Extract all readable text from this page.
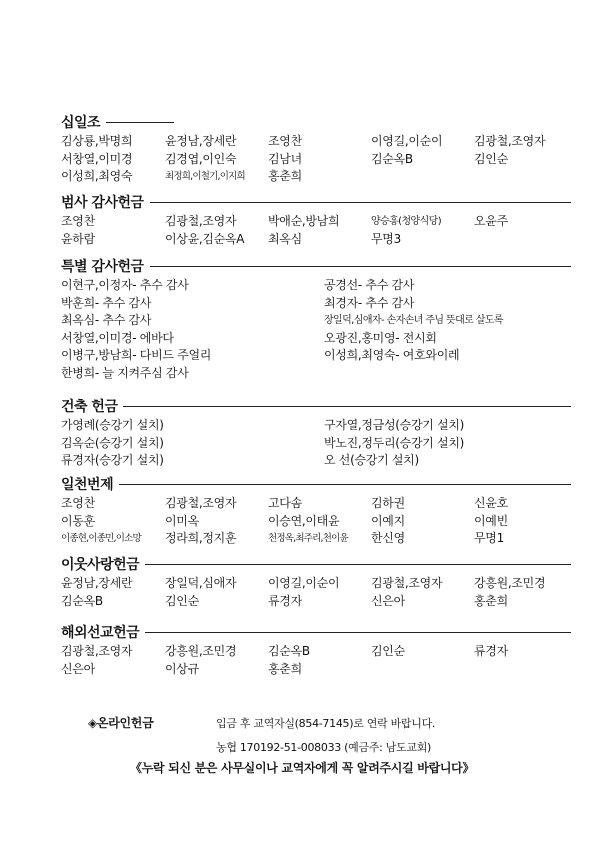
십일조
김상룡,박명희	윤정남,장세란	조영찬	이영길,이순이	김광철,조영자
서창열,이미경	김경엽,이인숙	김남녀	김순옥B	김인순
이성희,최영숙	최정희,이철기,이지희	홍춘희
범사 감사헌금
조영찬	김광철,조영자	박애순,방남희	양승홍(청양식당)	오윤주
윤하람	이상윤,김순옥A	최옥심	무명3
특별 감사헌금
이현구,이정자- 추수 감사	공경선- 추수 감사
박훈희- 추수 감사	최경자- 추수 감사
최옥심- 추수 감사	장일덕,심애자- 손자손녀 주님 뜻대로 살도록
서창열,이미경- 에바다	오광진,홍미영- 전시회
이병구,방남희- 다비드 주얼리	이성희,최영숙- 여호와이레
한병희- 늘 지켜주심 감사
건축 헌금
가영례(승강기 설치)	구자열,정금성(승강기 설치)
김옥순(승강기 설치)	박노진,정두리(승강기 설치)
류경자(승강기 설치)	오 선(승강기 설치)
일천번제
조영찬	김광철,조영자	고다솜	김하권	신윤호
이동훈	이미옥	이승연,이태윤	이예지	이예빈
이종현,이종민,이소망	정라희,정지훈	천정옥,최주리,천이윤	한신영	무명1
이웃사랑헌금
윤정남,장세란	장일덕,심애자	이영길,이순이	김광철,조영자	강흥원,조민경
김순옥B	김인순	류경자	신은아	홍춘희
해외선교헌금
김광철,조영자	강흥원,조민경	김순옥B	김인순	류경자
신은아	이상규	홍춘희
◈온라인헌금	입금 후 교역자실(854-7145)로 연락 바랍니다.
농협 170192-51-008033 (예금주: 남도교회)
《누락 되신 분은 사무실이나 교역자에게 꼭 알려주시길 바랍니다》
